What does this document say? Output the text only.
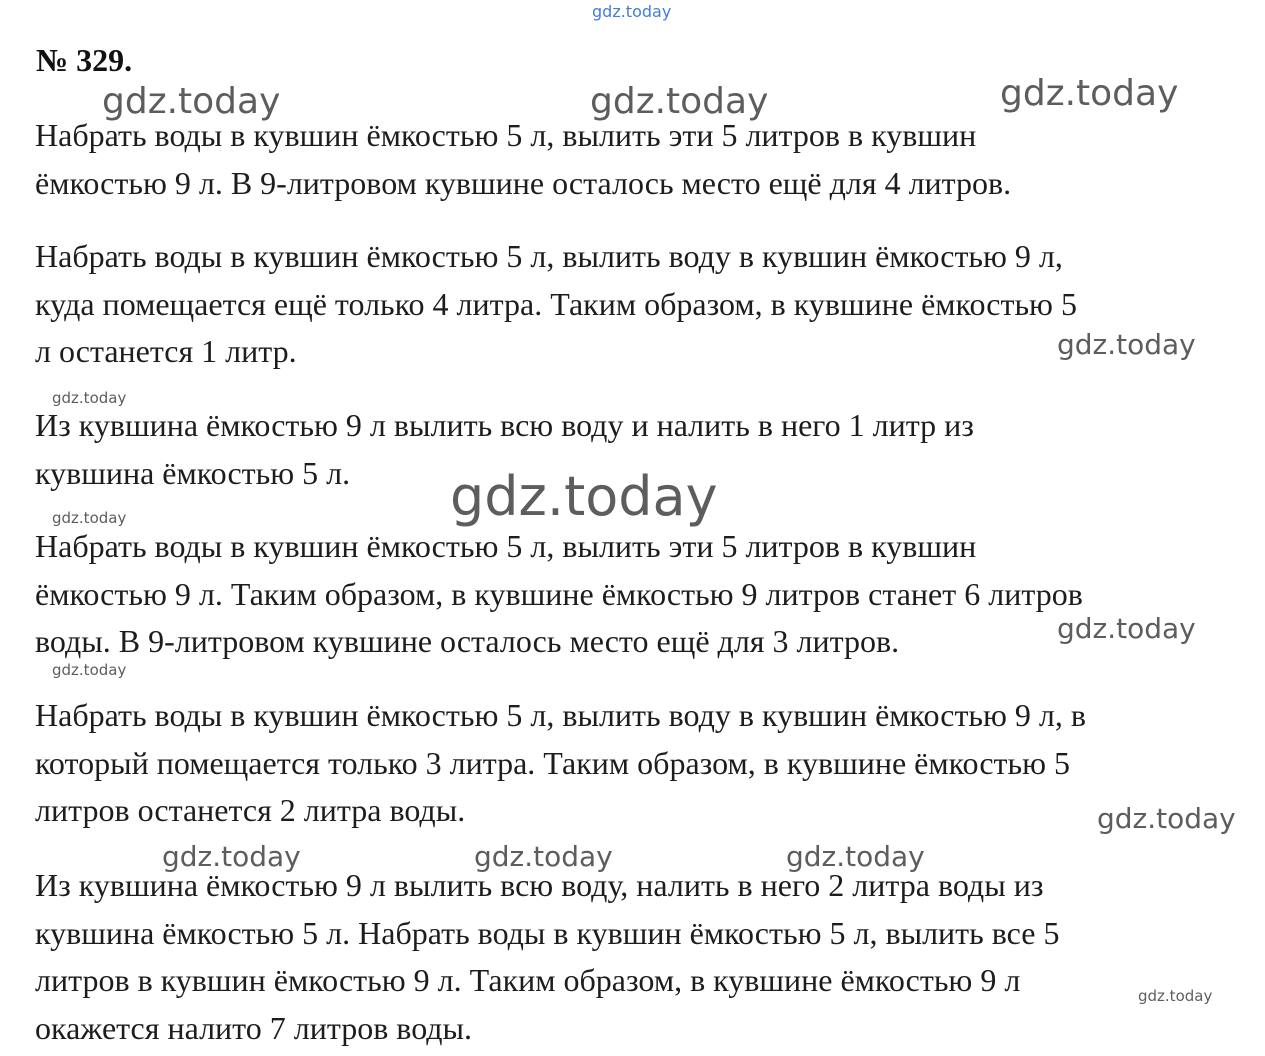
№ 329.

Набрать воды в кувшин ёмкостью 5 л, вылить эти 5 литров в кувшин
ёмкостью 9 л. В 9-литровом кувшине осталось место ещё для 4 литров.

Набрать воды в кувшин ёмкостью 5 л, вылить воду в кувшин ёмкостью 9 л,
куда помещается ещё только 4 литра. Таким образом, в кувшине ёмкостью 5
л останется 1 литр.

Из кувшина ёмкостью 9 л вылить всю воду и налить в него 1 литр из
кувшина ёмкостью 5 л.

Набрать воды в кувшин ёмкостью 5 л, вылить эти 5 литров в кувшин
ёмкостью 9 л. Таким образом, в кувшине ёмкостью 9 литров станет 6 литров
воды. В 9-литровом кувшине осталось место ещё для 3 литров.

Набрать воды в кувшин ёмкостью 5 л, вылить воду в кувшин ёмкостью 9 л, в
который помещается только 3 литра. Таким образом, в кувшине ёмкостью 5
литров останется 2 литра воды.

Из кувшина ёмкостью 9 л вылить всю воду, налить в него 2 литра воды из
кувшина ёмкостью 5 л. Набрать воды в кувшин ёмкостью 5 л, вылить все 5
литров в кувшин ёмкостью 9 л. Таким образом, в кувшине ёмкостью 9 л
окажется налито 7 литров воды.

gdz.today
gdz.today	gdz.today	gdz.today
gdz.today
gdz.today
gdz.today
gdz.today
gdz.today
gdz.today
gdz.today
gdz.today	gdz.today	gdz.today
gdz.today
